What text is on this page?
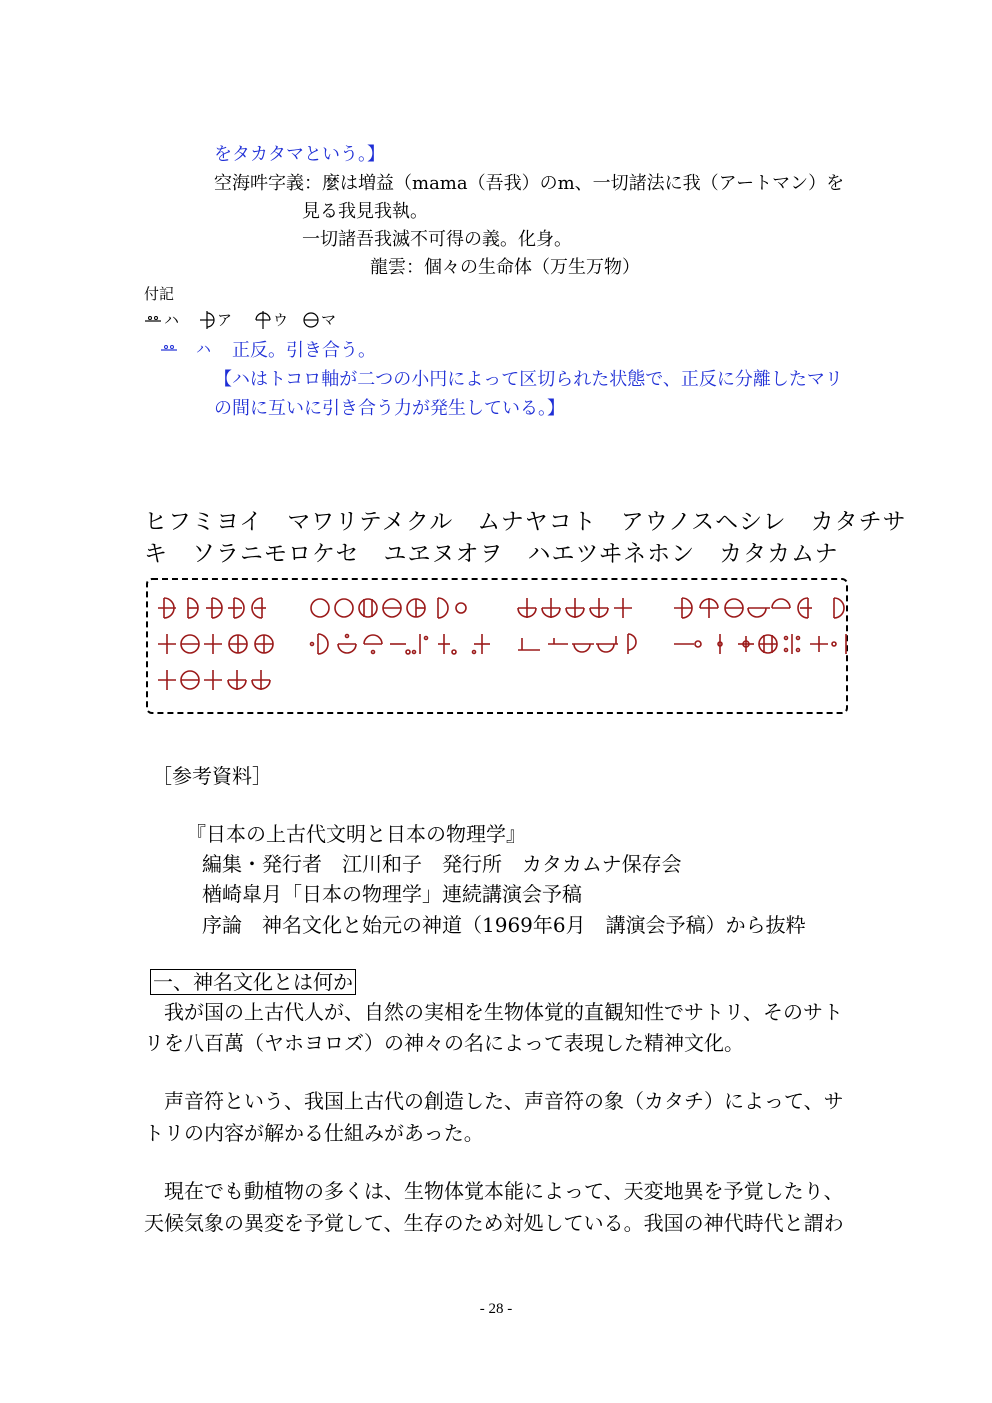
をタカタマという。】
空海吽字義：麼は増益（mama（吾我）のm、一切諸法に我（アートマン）を
見る我見我執。
一切諸吾我滅不可得の義。化身。
龍雲：個々の生命体（万生万物）
付記
ハ	ア	ウ マ
ハ 正反。引き合う。
【ハはトコロ軸が二つの小円によって区切られた状態で、正反に分離したマリ
の間に互いに引き合う力が発生している。】
ヒフミヨイ　マワリテメクル　ムナヤコト　アウノスヘシレ　カタチサ
キ　ソラニモロケセ　ユヱヌオヲ　ハエツヰネホン　カタカムナ
［参考資料］
『日本の上古代文明と日本の物理学』
編集・発行者　江川和子　発行所　カタカムナ保存会
楢崎皐月「日本の物理学」連続講演会予稿
序論　神名文化と始元の神道（1969年6月　講演会予稿）から抜粋
一、神名文化とは何か
我が国の上古代人が、自然の実相を生物体覚的直観知性でサトリ、そのサト
リを八百萬（ヤホヨロズ）の神々の名によって表現した精神文化。
声音符という、我国上古代の創造した、声音符の象（カタチ）によって、サ
トリの内容が解かる仕組みがあった。
現在でも動植物の多くは、生物体覚本能によって、天変地異を予覚したり、
天候気象の異変を予覚して、生存のため対処している。我国の神代時代と謂わ
- 28 -
